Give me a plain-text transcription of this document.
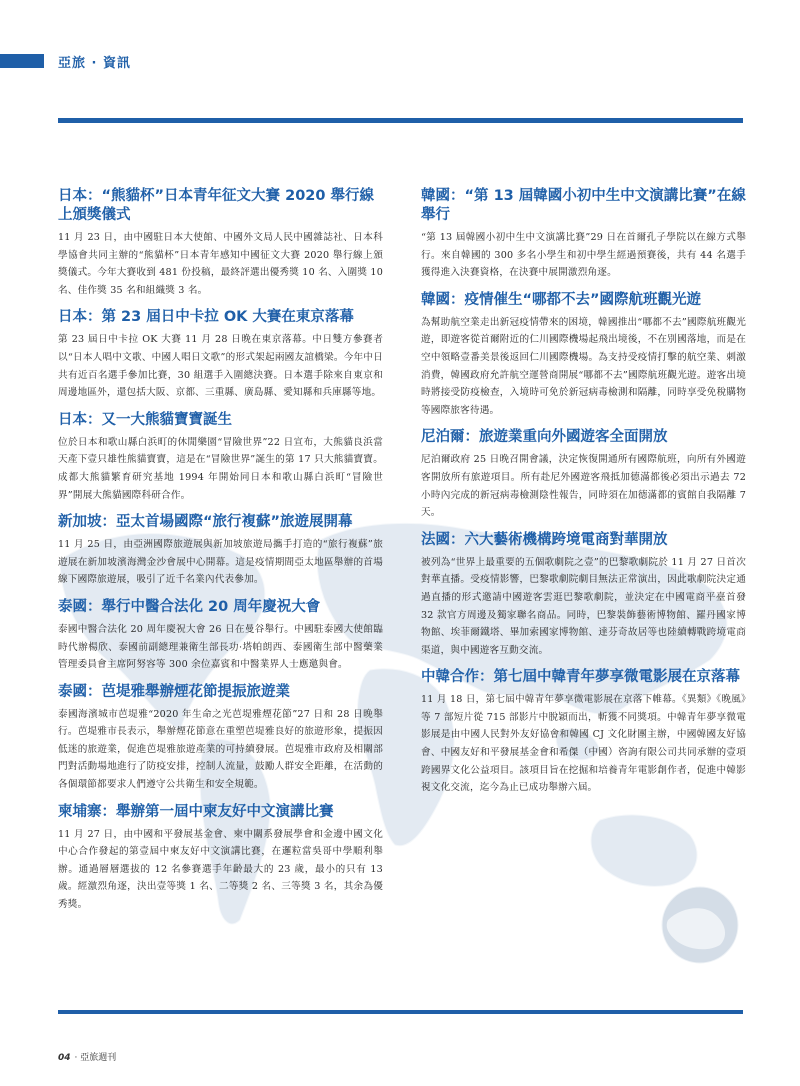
亞旅 · 資訊
日本：“熊貓杯”日本青年征文大賽 2020 舉行線上頒獎儀式

11 月 23 日，由中國駐日本大使館、中國外文局人民中國雜誌社、日本科學協會共同主辦的“熊貓杯”日本青年感知中國征文大賽 2020 舉行線上頒獎儀式。今年大賽收到 481 份投稿，最終評選出優秀獎 10 名、入圍獎 10 名、佳作獎 35 名和組織獎 3 名。

日本：第 23 屆日中卡拉 OK 大賽在東京落幕

第 23 屆日中卡拉 OK 大賽 11 月 28 日晚在東京落幕。中日雙方參賽者以“日本人唱中文歌、中國人唱日文歌”的形式架起兩國友誼橋梁。今年中日共有近百名選手參加比賽，30 組選手入圍總決賽。日本選手除來自東京和周邊地區外，還包括大阪、京都、三重縣、廣島縣、愛知縣和兵庫縣等地。

日本：又一大熊貓寶寶誕生

位於日本和歌山縣白浜町的休閒樂園“冒險世界”22 日宣布，大熊貓良浜當天產下壹只雄性熊貓寶寶，這是在“冒險世界”誕生的第 17 只大熊貓寶寶。成都大熊貓繁育研究基地 1994 年開始同日本和歌山縣白浜町“冒險世界”開展大熊貓國際科研合作。

新加坡：亞太首場國際“旅行複蘇”旅遊展開幕

11 月 25 日，由亞洲國際旅遊展與新加坡旅遊局攜手打造的“旅行複蘇”旅遊展在新加坡濱海灣金沙會展中心開幕。這是疫情期間亞太地區舉辦的首場線下國際旅遊展，吸引了近千名業內代表參加。

泰國：舉行中醫合法化 20 周年慶祝大會

泰國中醫合法化 20 周年慶祝大會 26 日在曼谷舉行。中國駐泰國大使館臨時代辦楊欣、泰國前副總理兼衛生部長功·塔帕朗西、泰國衛生部中醫藥業管理委員會主席阿努容等 300 余位嘉賓和中醫業界人士應邀與會。

泰國：芭堤雅舉辦煙花節提振旅遊業

泰國海濱城市芭堤雅“2020 年生命之光芭堤雅煙花節”27 日和 28 日晚舉行。芭堤雅市長表示，舉辦煙花節意在重塑芭堤雅良好的旅遊形象，提振因低迷的旅遊業，促進芭堤雅旅遊產業的可持續發展。芭堤雅市政府及相關部門對活動場地進行了防疫安排，控制人流量，鼓勵人群安全距離，在活動的各個環節都要求人們遵守公共衛生和安全規範。

柬埔寨：舉辦第一屆中柬友好中文演講比賽

11 月 27 日，由中國和平發展基金會、柬中關系發展學會和金邊中國文化中心合作發起的第壹屆中柬友好中文演講比賽，在邏粒當吳哥中學順利舉辦。通過層層選拔的 12 名參賽選手年齡最大的 23 歲，最小的只有 13 歲。經激烈角逐，決出壹等獎 1 名、二等獎 2 名、三等獎 3 名，其余為優秀獎。

韓國：“第 13 屆韓國小初中生中文演講比賽”在線舉行

“第 13 屆韓國小初中生中文演講比賽”29 日在首爾孔子學院以在線方式舉行。來自韓國的 300 多名小學生和初中學生經過預賽後，共有 44 名選手獲得進入決賽資格，在決賽中展開激烈角逐。

韓國：疫情催生“哪都不去”國際航班觀光遊

為幫助航空業走出新冠疫情帶來的困境，韓國推出“哪都不去”國際航班觀光遊，即遊客從首爾附近的仁川國際機場起飛出境後，不在別國落地，而是在空中領略壹番美景後返回仁川國際機場。為支持受疫情打擊的航空業、刺激消費，韓國政府允許航空運營商開展“哪都不去”國際航班觀光遊。遊客出境時將接受防疫檢查，入境時可免於新冠病毒檢測和隔離，同時享受免稅購物等國際旅客待遇。

尼泊爾：旅遊業重向外國遊客全面開放

尼泊爾政府 25 日晚召開會議，決定恢復開通所有國際航班，向所有外國遊客開放所有旅遊項目。所有赴尼外國遊客飛抵加德滿都後必須出示過去 72 小時內完成的新冠病毒檢測陰性報告，同時須在加德滿都的賓館自我隔離 7 天。

法國：六大藝術機構跨境電商對華開放

被列為“世界上最重要的五個歌劇院之壹”的巴黎歌劇院於 11 月 27 日首次對華直播。受疫情影響，巴黎歌劇院劇目無法正常演出，因此歌劇院決定通過直播的形式邀請中國遊客雲逛巴黎歌劇院，並決定在中國電商平臺首發 32 款官方周邊及獨家聯名商品。同時，巴黎裝飾藝術博物館、羅丹國家博物館、埃菲爾鐵塔、畢加索國家博物館、達芬奇故居等也陸續轉戰跨境電商渠道，與中國遊客互動交流。

中韓合作：第七屆中韓青年夢享微電影展在京落幕

11 月 18 日，第七屆中韓青年夢享微電影展在京落下帷幕。《異類》《晚風》等 7 部短片從 715 部影片中脫穎而出，斬獲不同獎項。中韓青年夢享微電影展是由中國人民對外友好協會和韓國 CJ 文化財團主辦，中國韓國友好協會、中國友好和平發展基金會和希傑（中國）咨詢有限公司共同承辦的壹項跨國界文化公益項目。該項目旨在挖掘和培養青年電影創作者，促進中韓影視文化交流，迄今為止已成功舉辦六屆。

04 · 亞旅週刊
